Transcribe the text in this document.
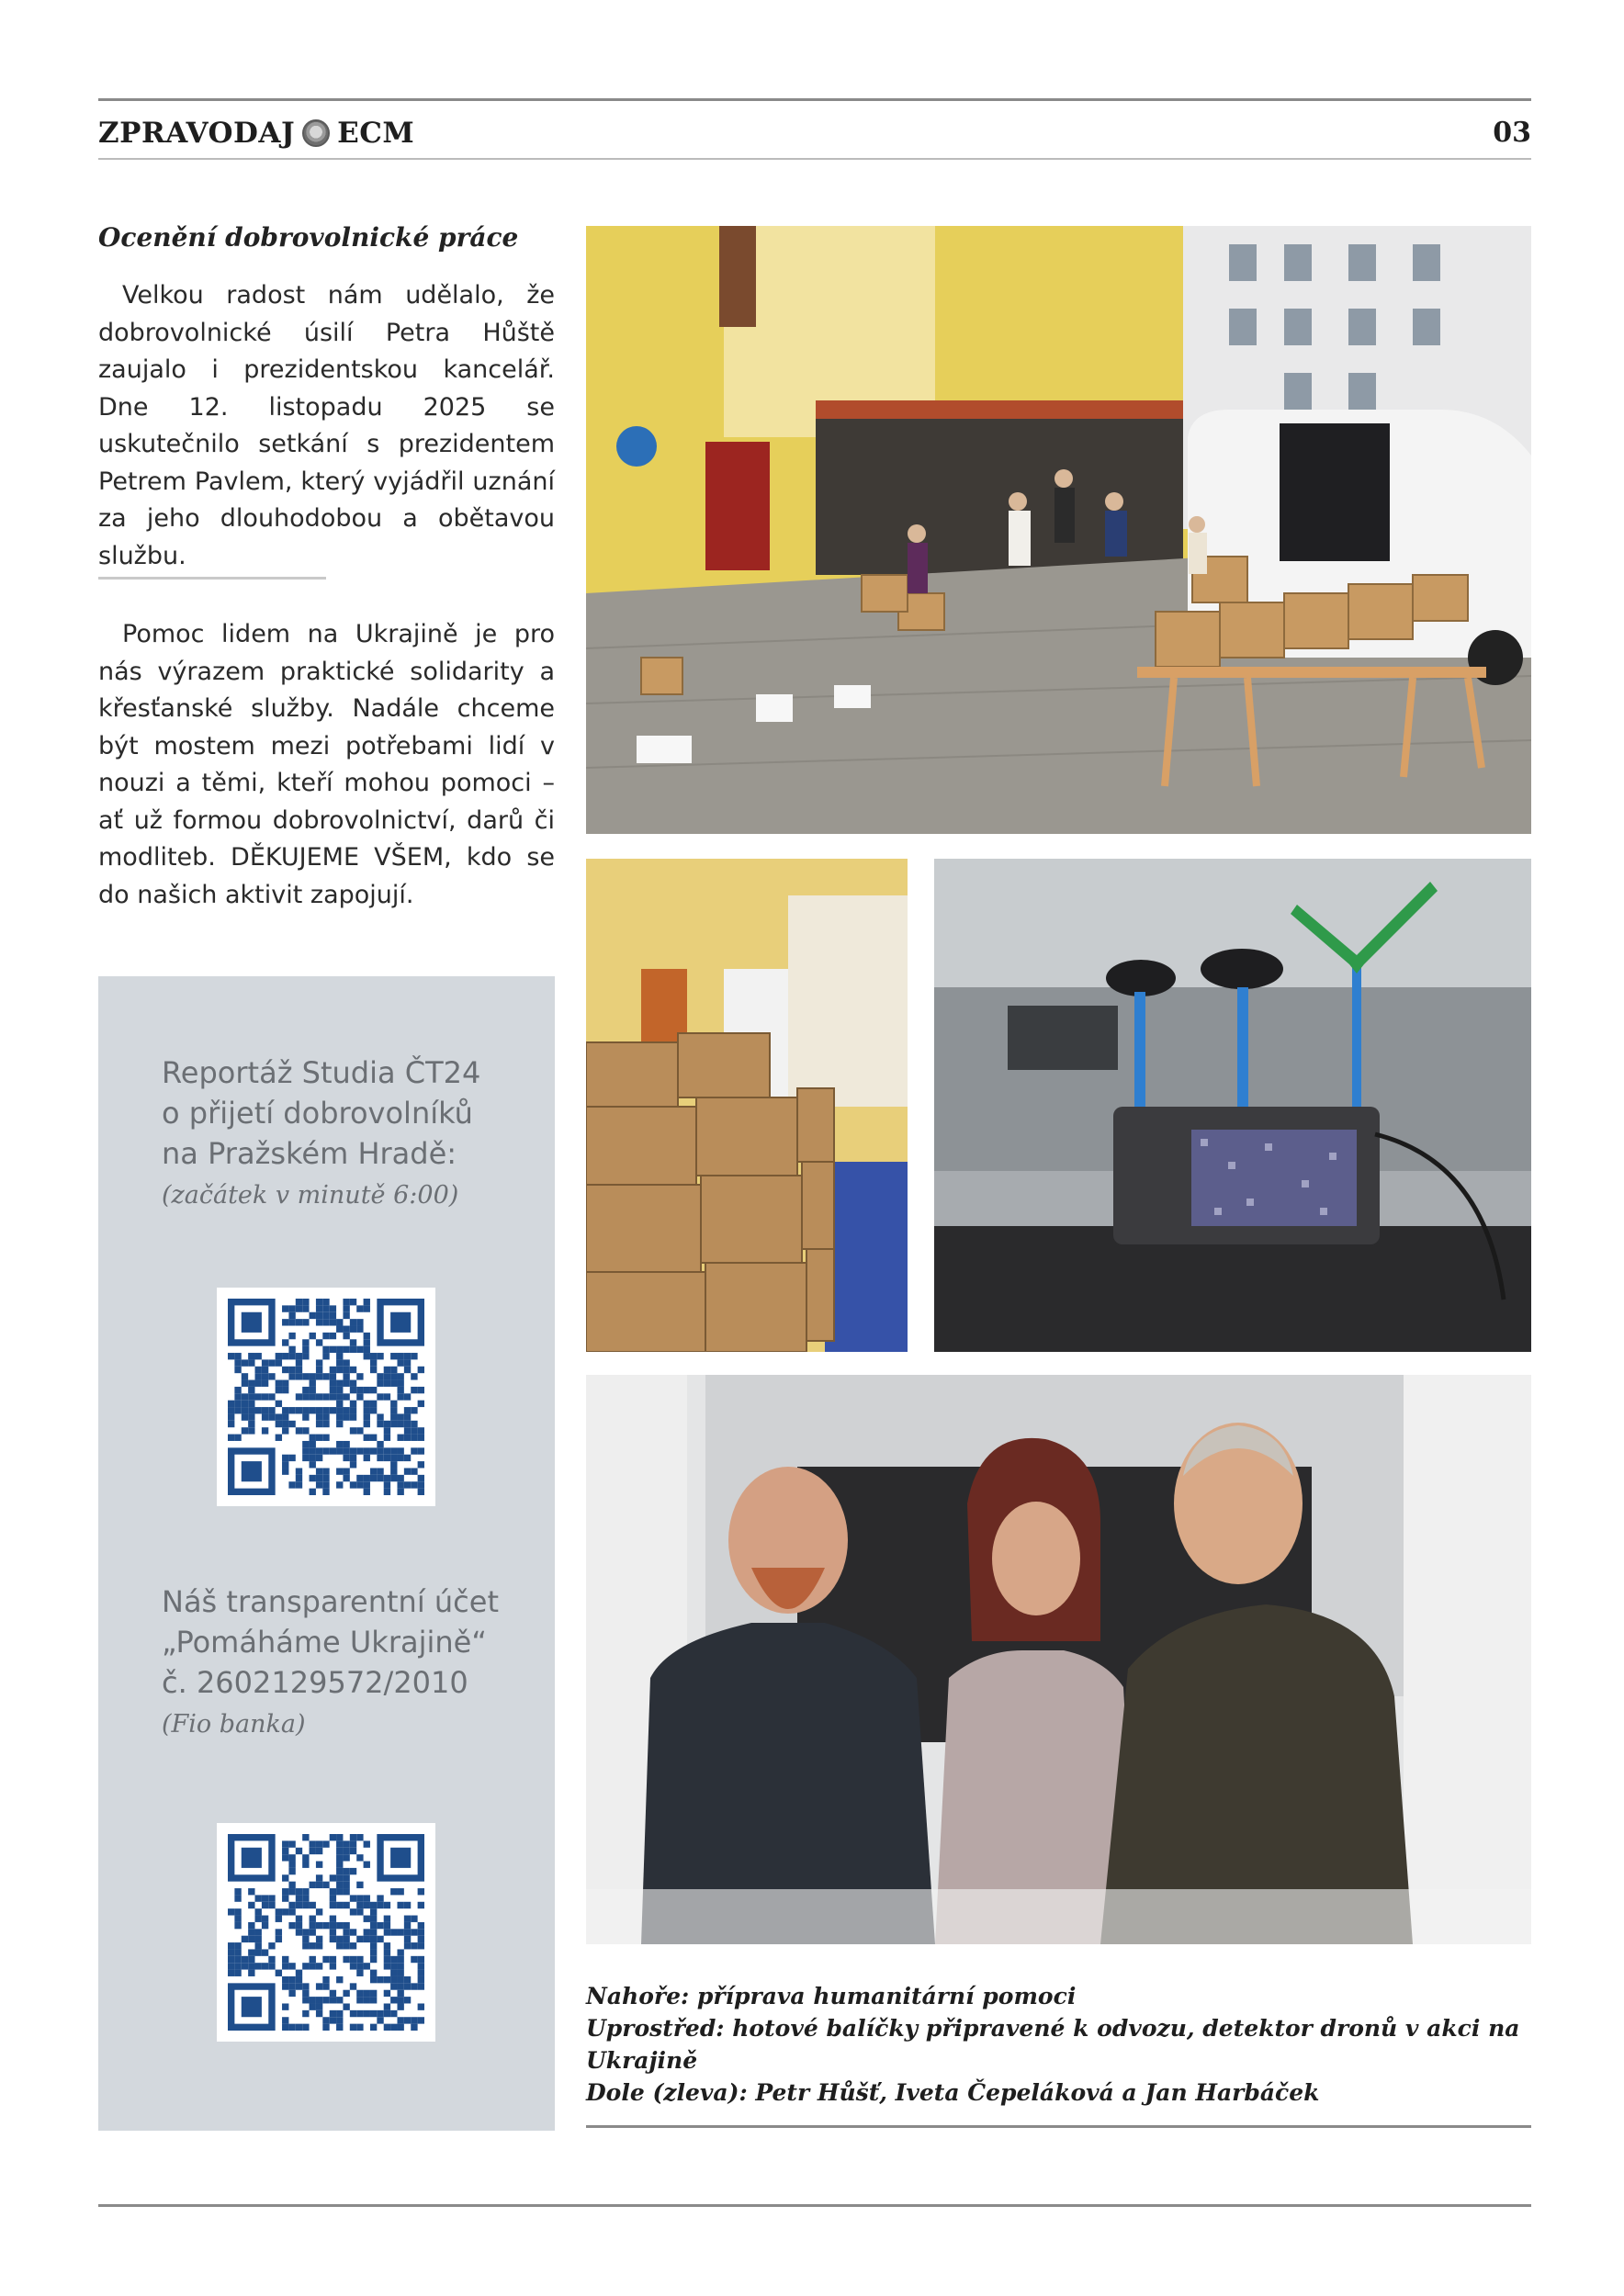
ZPRAVODAJ ECM	03
Ocenění dobrovolnické práce

Velkou radost nám udělalo, že dobrovolnické úsilí Petra Hůště zaujalo i prezidentskou kancelář. Dne 12. listopadu 2025 se uskutečnilo setkání s prezidentem Petrem Pavlem, který vyjádřil uznání za jeho dlouhodobou a obětavou službu.

Pomoc lidem na Ukrajině je pro nás výrazem praktické solidarity a křesťanské služby. Nadále chceme být mostem mezi potřebami lidí v nouzi a těmi, kteří mohou pomoci – ať už formou dobrovolnictví, darů či modliteb. DĚKUJEME VŠEM, kdo se do našich aktivit zapojují.

Reportáž Studia ČT24
o přijetí dobrovolníků
na Pražském Hradě:

(začátek v minutě 6:00)

Náš transparentní účet
„Pomáháme Ukrajině“
č. 2602129572/2010

(Fio banka)

Nahoře: příprava humanitární pomoci
Uprostřed: hotové balíčky připravené k odvozu, detektor dronů v akci na Ukrajině
Dole (zleva): Petr Hůšť, Iveta Čepeláková a Jan Harbáček
